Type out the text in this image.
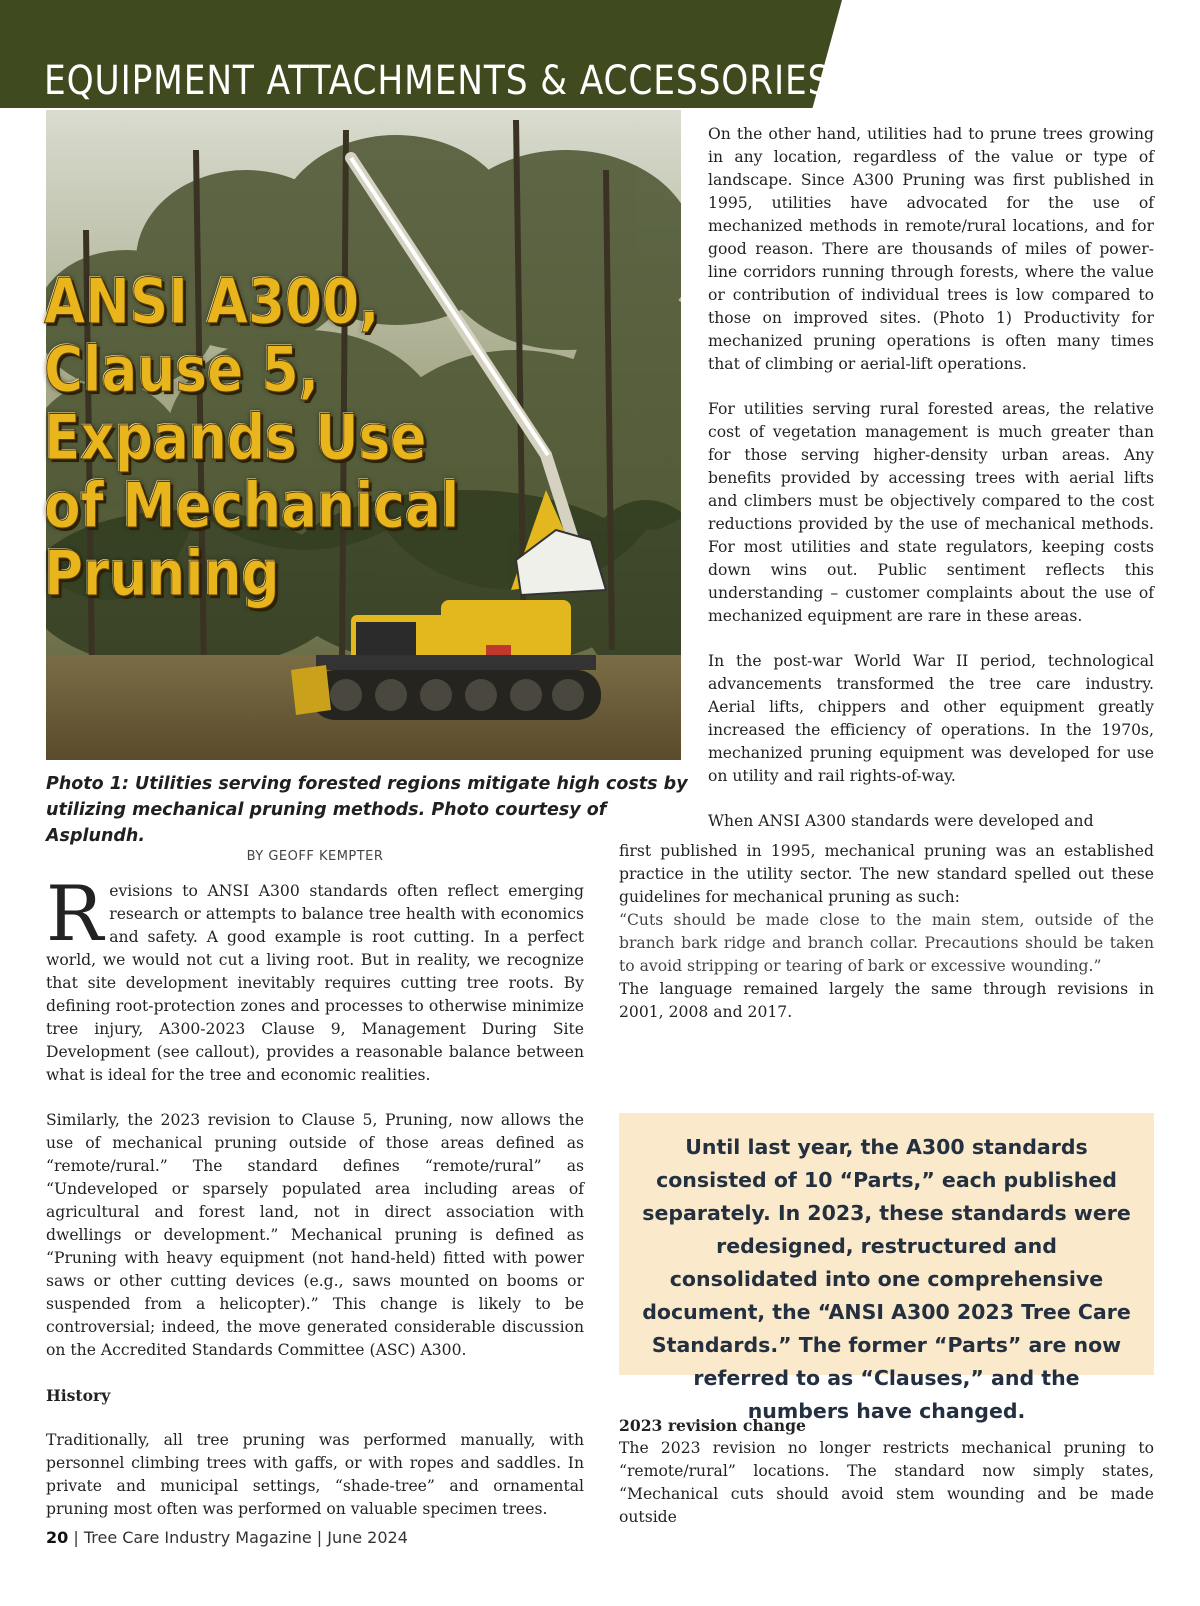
EQUIPMENT ATTACHMENTS & ACCESSORIES
ANSI A300,
Clause 5,
Expands Use
of Mechanical
Pruning

Photo 1: Utilities serving forested regions mitigate high costs by utilizing mechanical pruning methods. Photo courtesy of Asplundh.

BY GEOFF KEMPTER

Revisions to ANSI A300 standards often reflect emerging research or attempts to balance tree health with economics and safety. A good example is root cutting. In a perfect world, we would not cut a living root. But in reality, we recognize that site development inevitably requires cutting tree roots. By defining root-protection zones and processes to otherwise minimize tree injury, A300-2023 Clause 9, Management During Site Development (see callout), provides a reasonable balance between what is ideal for the tree and economic realities.

Similarly, the 2023 revision to Clause 5, Pruning, now allows the use of mechanical pruning outside of those areas defined as “remote/rural.” The standard defines “remote/rural” as “Undeveloped or sparsely populated area including areas of agricultural and forest land, not in direct association with dwellings or development.” Mechanical pruning is defined as “Pruning with heavy equipment (not hand-held) fitted with power saws or other cutting devices (e.g., saws mounted on booms or suspended from a helicopter).” This change is likely to be controversial; indeed, the move generated considerable discussion on the Accredited Standards Committee (ASC) A300.

History

Traditionally, all tree pruning was performed manually, with personnel climbing trees with gaffs, or with ropes and saddles. In private and municipal settings, “shade-tree” and ornamental pruning most often was performed on valuable specimen trees.

On the other hand, utilities had to prune trees growing in any location, regardless of the value or type of landscape. Since A300 Pruning was first published in 1995, utilities have advocated for the use of mechanized methods in remote/rural locations, and for good reason. There are thousands of miles of power-line corridors running through forests, where the value or contribution of individual trees is low compared to those on improved sites. (Photo 1) Productivity for mechanized pruning operations is often many times that of climbing or aerial-lift operations.

For utilities serving rural forested areas, the relative cost of vegetation management is much greater than for those serving higher-density urban areas. Any benefits provided by accessing trees with aerial lifts and climbers must be objectively compared to the cost reductions provided by the use of mechanical methods. For most utilities and state regulators, keeping costs down wins out. Public sentiment reflects this understanding – customer complaints about the use of mechanized equipment are rare in these areas.

In the post-war World War II period, technological advancements transformed the tree care industry. Aerial lifts, chippers and other equipment greatly increased the efficiency of operations. In the 1970s, mechanized pruning equipment was developed for use on utility and rail rights-of-way.

When ANSI A300 standards were developed and

first published in 1995, mechanical pruning was an established practice in the utility sector. The new standard spelled out these guidelines for mechanical pruning as such:

“Cuts should be made close to the main stem, outside of the branch bark ridge and branch collar. Precautions should be taken to avoid stripping or tearing of bark or excessive wounding.”

The language remained largely the same through revisions in 2001, 2008 and 2017.

Until last year, the A300 standards consisted of 10 “Parts,” each published separately. In 2023, these standards were redesigned, restructured and consolidated into one comprehensive document, the “ANSI A300 2023 Tree Care Standards.” The former “Parts” are now referred to as “Clauses,” and the numbers have changed.

2023 revision change

The 2023 revision no longer restricts mechanical pruning to “remote/rural” locations. The standard now simply states, “Mechanical cuts should avoid stem wounding and be made outside

20 | Tree Care Industry Magazine | June 2024
